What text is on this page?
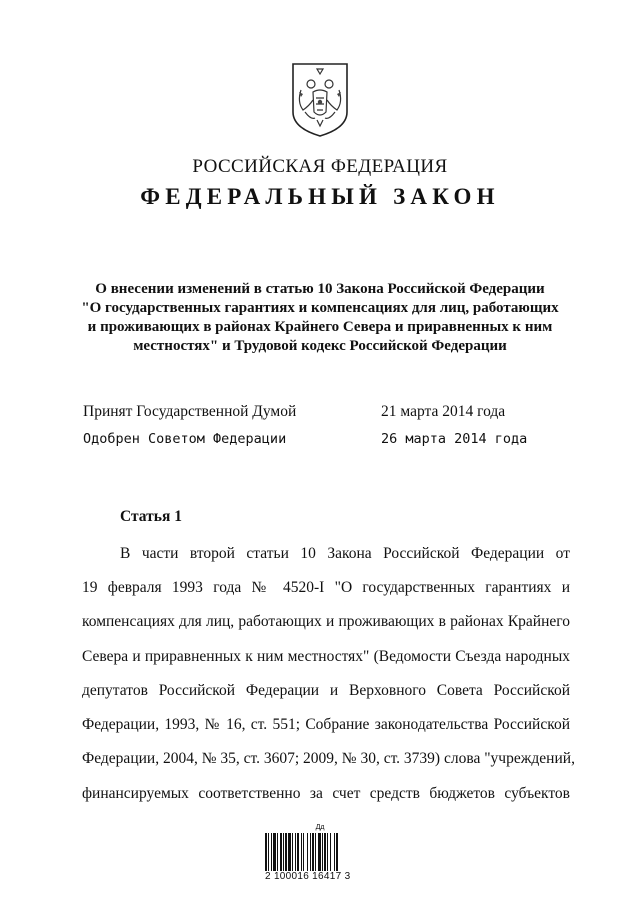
РОССИЙСКАЯ ФЕДЕРАЦИЯ
ФЕДЕРАЛЬНЫЙ ЗАКОН
О внесении изменений в статью 10 Закона Российской Федерации
"О государственных гарантиях и компенсациях для лиц, работающих
и проживающих в районах Крайнего Севера и приравненных к ним
местностях" и Трудовой кодекс Российской Федерации
Принят Государственной Думой	21 марта 2014 года
Одобрен Советом Федерации	26 марта 2014 года
Статья 1
В части второй статьи 10 Закона Российской Федерации от
19 февраля 1993 года № 4520-I "О государственных гарантиях и
компенсациях для лиц, работающих и проживающих в районах Крайнего
Севера и приравненных к ним местностях" (Ведомости Съезда народных
депутатов Российской Федерации и Верховного Совета Российской
Федерации, 1993, № 16, ст. 551; Собрание законодательства Российской
Федерации, 2004, № 35, ст. 3607; 2009, № 30, ст. 3739) слова "учреждений,
финансируемых соответственно за счет средств бюджетов субъектов
Дд
2 100016 16417 3
